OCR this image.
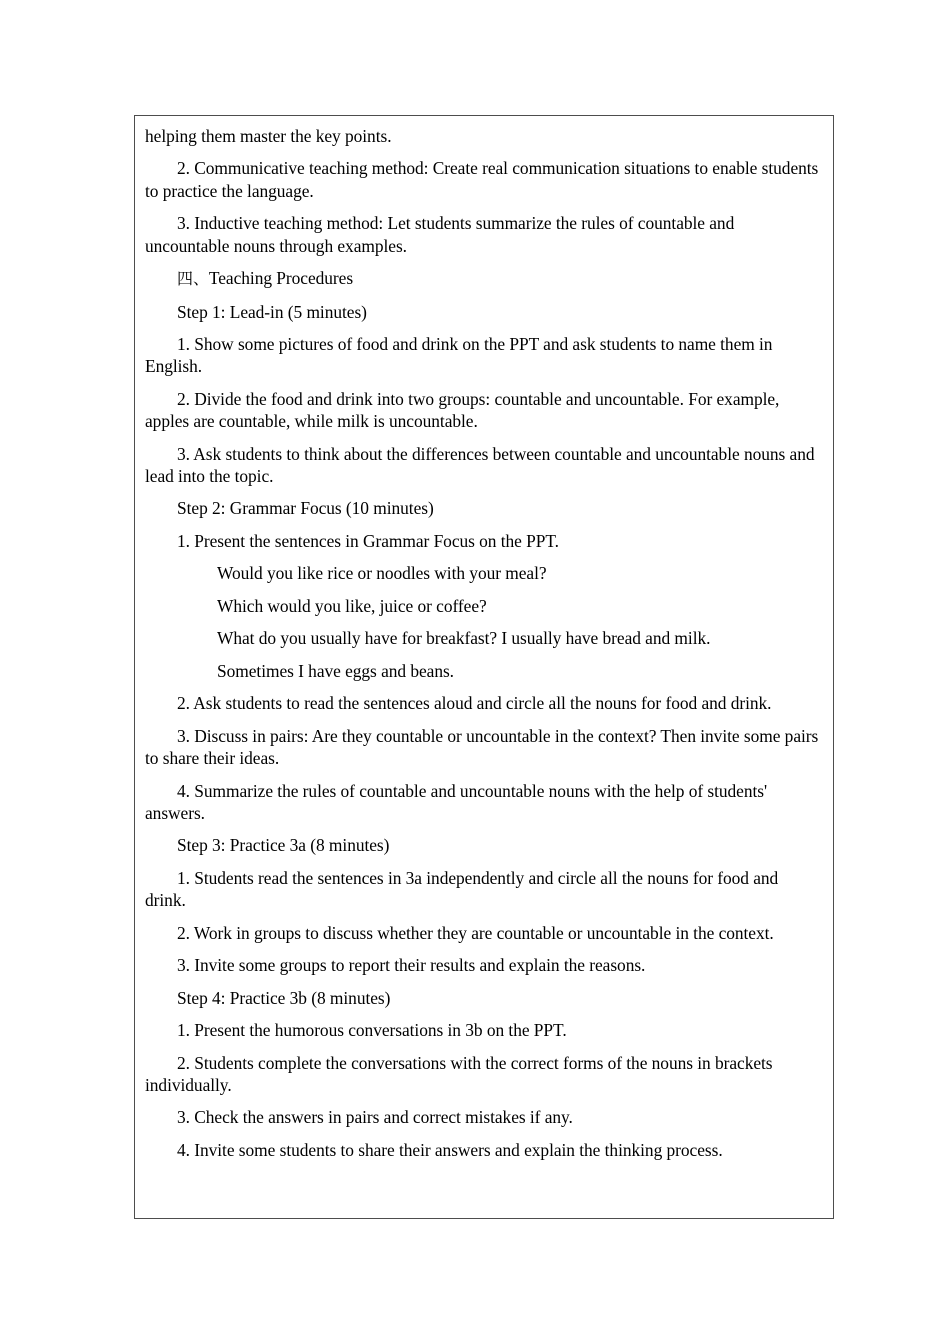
helping them master the key points.

2. Communicative teaching method: Create real communication situations to enable students to practice the language.

3. Inductive teaching method: Let students summarize the rules of countable and uncountable nouns through examples.

四、Teaching Procedures

Step 1: Lead-in (5 minutes)

1. Show some pictures of food and drink on the PPT and ask students to name them in English.

2. Divide the food and drink into two groups: countable and uncountable. For example, apples are countable, while milk is uncountable.

3. Ask students to think about the differences between countable and uncountable nouns and lead into the topic.

Step 2: Grammar Focus (10 minutes)

1. Present the sentences in Grammar Focus on the PPT.

Would you like rice or noodles with your meal?

Which would you like, juice or coffee?

What do you usually have for breakfast? I usually have bread and milk.

Sometimes I have eggs and beans.

2. Ask students to read the sentences aloud and circle all the nouns for food and drink.

3. Discuss in pairs: Are they countable or uncountable in the context? Then invite some pairs to share their ideas.

4. Summarize the rules of countable and uncountable nouns with the help of students' answers.

Step 3: Practice 3a (8 minutes)

1. Students read the sentences in 3a independently and circle all the nouns for food and drink.

2. Work in groups to discuss whether they are countable or uncountable in the context.

3. Invite some groups to report their results and explain the reasons.

Step 4: Practice 3b (8 minutes)

1. Present the humorous conversations in 3b on the PPT.

2. Students complete the conversations with the correct forms of the nouns in brackets individually.

3. Check the answers in pairs and correct mistakes if any.

4. Invite some students to share their answers and explain the thinking process.
